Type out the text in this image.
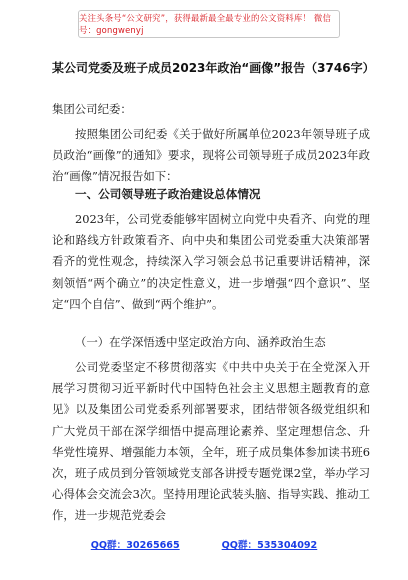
关注头条号“公文研究”，获得最新最全最专业的公文资料库！ 微信号：gongwenyj
某公司党委及班子成员2023年政治“画像”报告（3746字）
集团公司纪委：
按照集团公司纪委《关于做好所属单位2023年领导班子成员政治“画像”的通知》要求，现将公司领导班子成员2023年政治“画像”情况报告如下：
一、公司领导班子政治建设总体情况
2023年，公司党委能够牢固树立向党中央看齐、向党的理论和路线方针政策看齐、向中央和集团公司党委重大决策部署看齐的党性观念，持续深入学习领会总书记重要讲话精神，深刻领悟“两个确立”的决定性意义，进一步增强“四个意识”、坚定“四个自信”、做到“两个维护”。
（一）在学深悟透中坚定政治方向、涵养政治生态
公司党委坚定不移贯彻落实《中共中央关于在全党深入开展学习贯彻习近平新时代中国特色社会主义思想主题教育的意见》以及集团公司党委系列部署要求，团结带领各级党组织和广大党员干部在深学细悟中提高理论素养、坚定理想信念、升华党性境界、增强能力本领，全年，班子成员集体参加读书班6次，班子成员到分管领域党支部各讲授专题党课2堂，举办学习心得体会交流会3次。坚持用理论武装头脑、指导实践、推动工作，进一步规范党委会
QQ群：30265665	QQ群：535304092
